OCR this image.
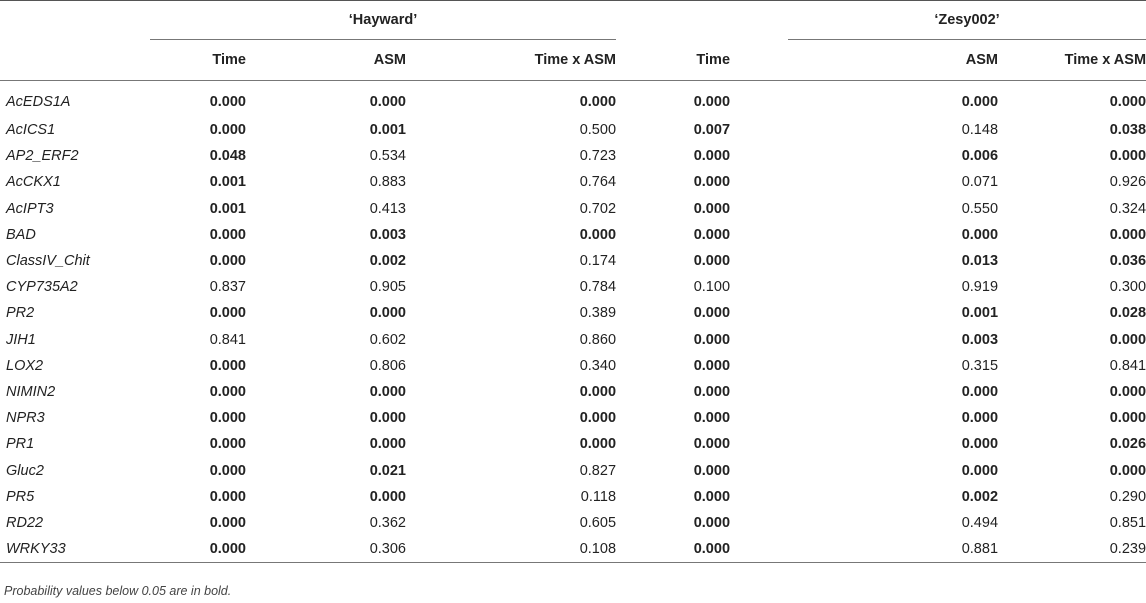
	‘Hayward’					‘Zesy002’		
	Time	ASM	Time x ASM	Time			ASM	Time x ASM
AcEDS1A	0.000	0.000	0.000	0.000			0.000	0.000
AcICS1	0.000	0.001	0.500	0.007			0.148	0.038
AP2_ERF2	0.048	0.534	0.723	0.000			0.006	0.000
AcCKX1	0.001	0.883	0.764	0.000			0.071	0.926
AcIPT3	0.001	0.413	0.702	0.000			0.550	0.324
BAD	0.000	0.003	0.000	0.000			0.000	0.000
ClassIV_Chit	0.000	0.002	0.174	0.000			0.013	0.036
CYP735A2	0.837	0.905	0.784	0.100			0.919	0.300
PR2	0.000	0.000	0.389	0.000			0.001	0.028
JIH1	0.841	0.602	0.860	0.000			0.003	0.000
LOX2	0.000	0.806	0.340	0.000			0.315	0.841
NIMIN2	0.000	0.000	0.000	0.000			0.000	0.000
NPR3	0.000	0.000	0.000	0.000			0.000	0.000
PR1	0.000	0.000	0.000	0.000			0.000	0.026
Gluc2	0.000	0.021	0.827	0.000			0.000	0.000
PR5	0.000	0.000	0.118	0.000			0.002	0.290
RD22	0.000	0.362	0.605	0.000			0.494	0.851
WRKY33	0.000	0.306	0.108	0.000			0.881	0.239
Probability values below 0.05 are in bold.
